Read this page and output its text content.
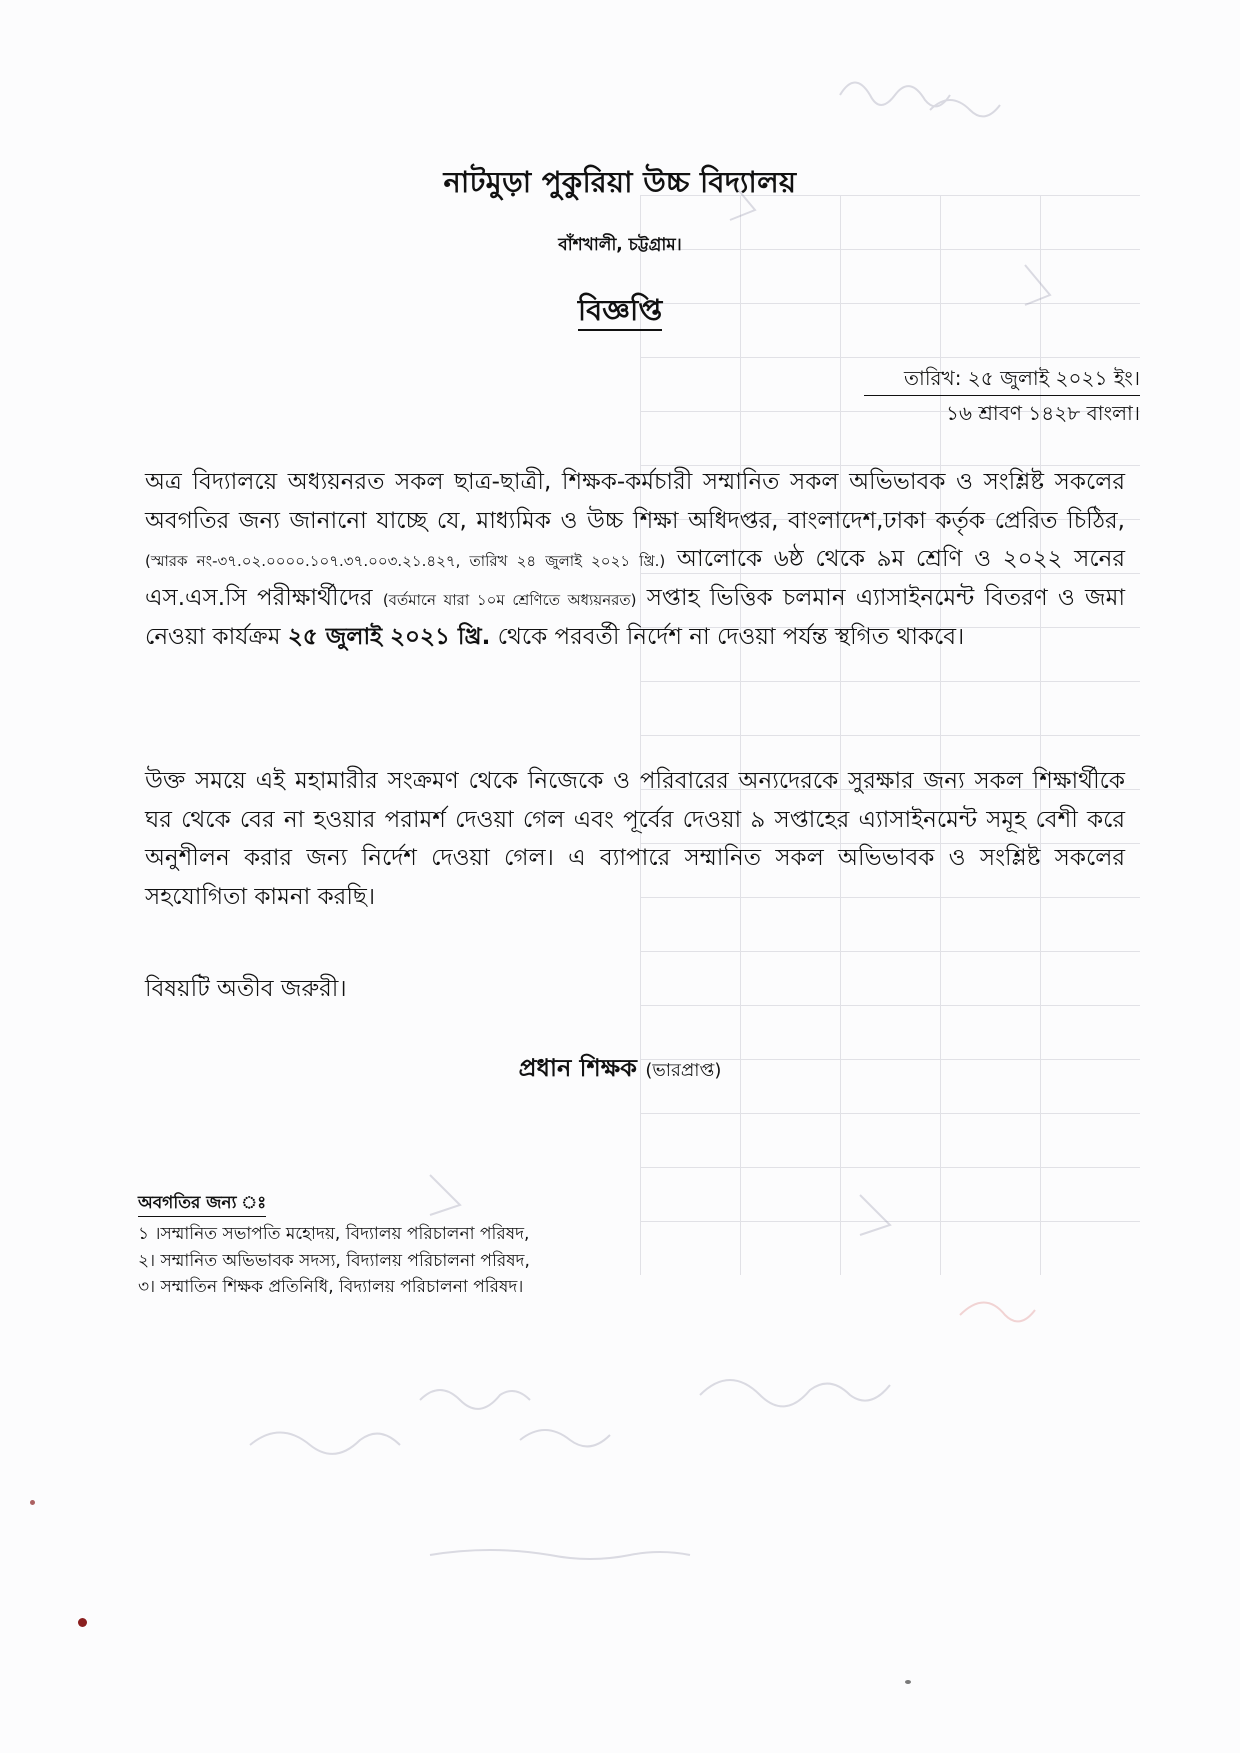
নাটমুড়া পুকুরিয়া উচ্চ বিদ্যালয়
বাঁশখালী, চট্টগ্রাম।
বিজ্ঞপ্তি
তারিখ: ২৫ জুলাই ২০২১ ইং।
১৬ শ্রাবণ ১৪২৮ বাংলা।
অত্র বিদ্যালয়ে অধ্যয়নরত সকল ছাত্র-ছাত্রী, শিক্ষক-কর্মচারী সম্মানিত সকল অভিভাবক ও সংশ্লিষ্ট সকলের অবগতির জন্য জানানো যাচ্ছে যে, মাধ্যমিক ও উচ্চ শিক্ষা অধিদপ্তর, বাংলাদেশ,ঢাকা কর্তৃক প্রেরিত চিঠির, (স্মারক নং-৩৭.০২.০০০০.১০৭.৩৭.০০৩.২১.৪২৭, তারিখ ২৪ জুলাই ২০২১ খ্রি.) আলোকে ৬ষ্ঠ থেকে ৯ম শ্রেণি ও ২০২২ সনের এস.এস.সি পরীক্ষার্থীদের (বর্তমানে যারা ১০ম শ্রেণিতে অধ্যয়নরত) সপ্তাহ ভিত্তিক চলমান এ্যাসাইনমেন্ট বিতরণ ও জমা নেওয়া কার্যক্রম ২৫ জুলাই ২০২১ খ্রি. থেকে পরবর্তী নির্দেশ না দেওয়া পর্যন্ত স্থগিত থাকবে।
উক্ত সময়ে এই মহামারীর সংক্রমণ থেকে নিজেকে ও পরিবারের অন্যদেরকে সুরক্ষার জন্য সকল শিক্ষার্থীকে ঘর থেকে বের না হওয়ার পরামর্শ দেওয়া গেল এবং পূর্বের দেওয়া ৯ সপ্তাহের এ্যাসাইনমেন্ট সমূহ বেশী করে অনুশীলন করার জন্য নির্দেশ দেওয়া গেল। এ ব্যাপারে সম্মানিত সকল অভিভাবক ও সংশ্লিষ্ট সকলের সহযোগিতা কামনা করছি।
বিষয়টি অতীব জরুরী।
প্রধান শিক্ষক (ভারপ্রাপ্ত)
অবগতির জন্য ঃ
১ ।সম্মানিত সভাপতি মহোদয়, বিদ্যালয় পরিচালনা পরিষদ,
২। সম্মানিত অভিভাবক সদস্য, বিদ্যালয় পরিচালনা পরিষদ,
৩। সম্মাতিন শিক্ষক প্রতিনিধি, বিদ্যালয় পরিচালনা পরিষদ।
